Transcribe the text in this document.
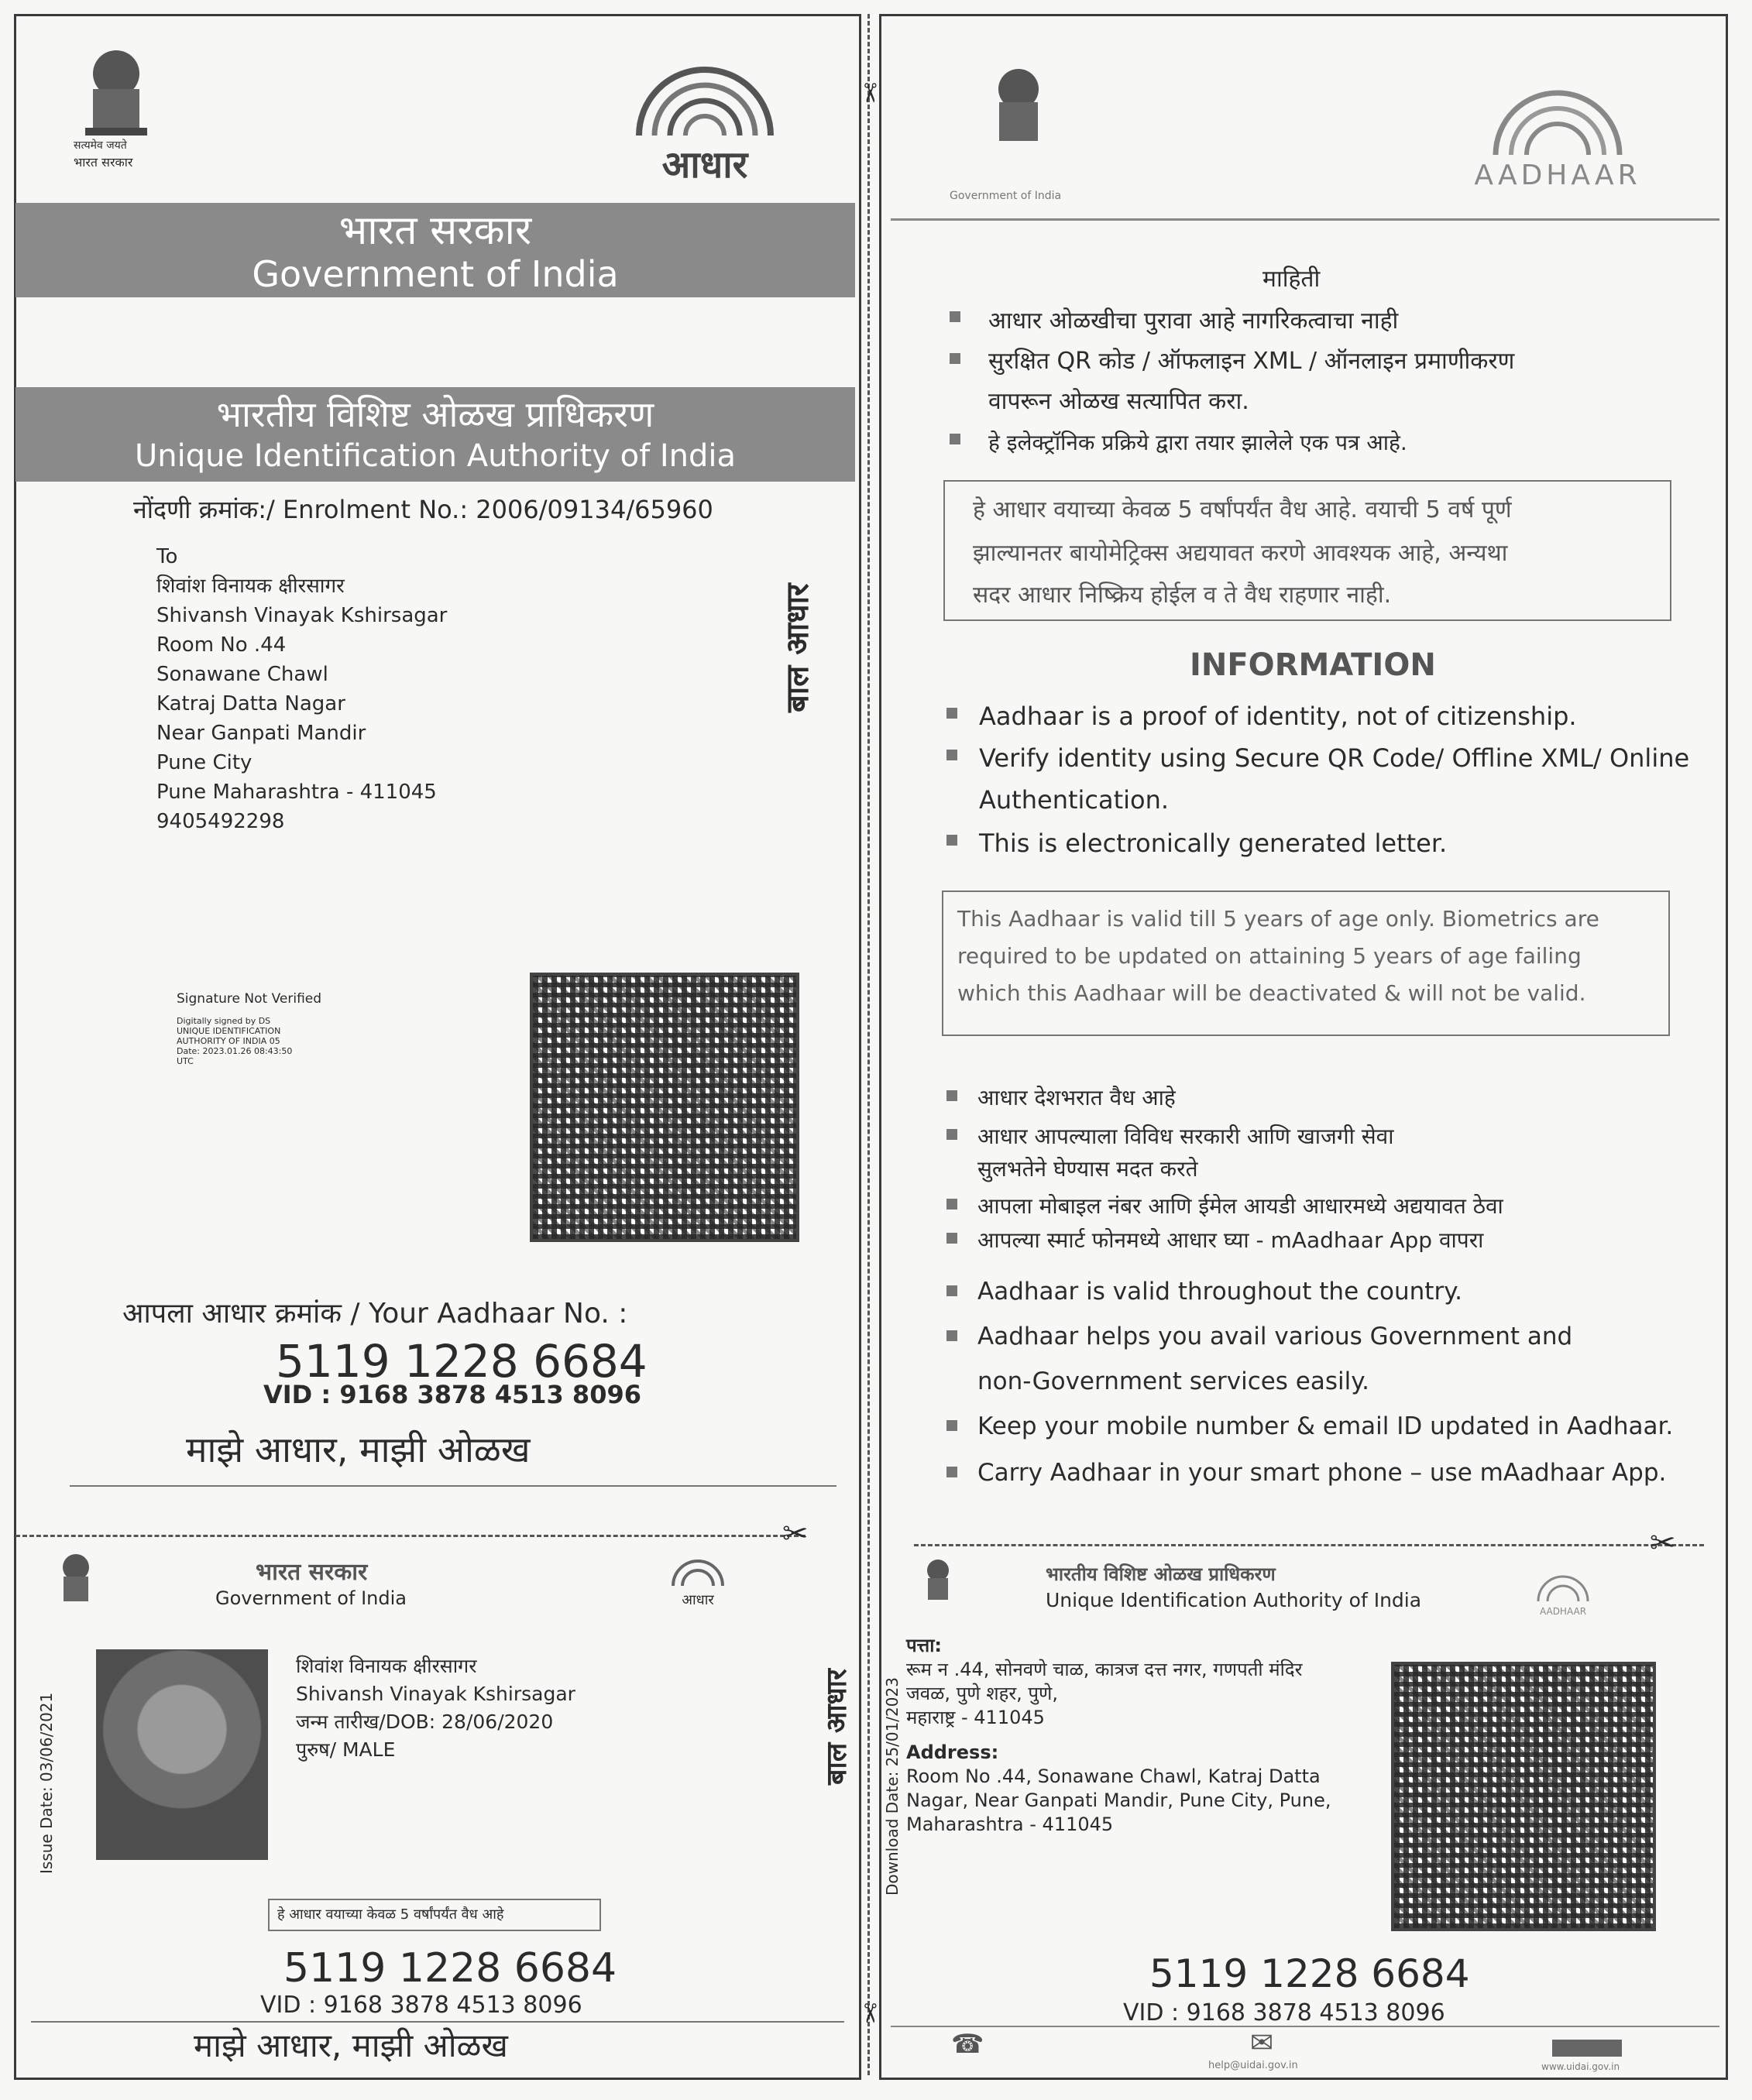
✂
✂
सत्यमेव जयते
भारत सरकार	आधार
भारत सरकार
Government of India
भारतीय विशिष्ट ओळख प्राधिकरण
Unique Identification Authority of India
नोंदणी क्रमांक:/ Enrolment No.: 2006/09134/65960
To
शिवांश विनायक क्षीरसागर
Shivansh Vinayak Kshirsagar
Room No .44
Sonawane Chawl
Katraj Datta Nagar
Near Ganpati Mandir
Pune City
Pune Maharashtra - 411045
9405492298
बाल आधार
Signature Not Verified
Digitally signed by DS
UNIQUE IDENTIFICATION
AUTHORITY OF INDIA 05
Date: 2023.01.26 08:43:50
UTC
आपला आधार क्रमांक / Your Aadhaar No. :
5119 1228 6684
VID : 9168 3878 4513 8096
माझे आधार, माझी ओळख
✂
भारत सरकार
Government of India	आधार
Issue Date: 03/06/2021
शिवांश विनायक क्षीरसागर
Shivansh Vinayak Kshirsagar
जन्म तारीख/DOB: 28/06/2020
पुरुष/ MALE	बाल आधार
हे आधार वयाच्या केवळ 5 वर्षांपर्यंत वैध आहे
5119 1228 6684
VID : 9168 3878 4513 8096
माझे आधार, माझी ओळख
Government of India
AADHAAR
माहिती
आधार ओळखीचा पुरावा आहे नागरिकत्वाचा नाही
सुरक्षित QR कोड / ऑफलाइन XML / ऑनलाइन प्रमाणीकरण
वापरून ओळख सत्यापित करा.
हे इलेक्ट्रॉनिक प्रक्रिये द्वारा तयार झालेले एक पत्र आहे.
हे आधार वयाच्या केवळ 5 वर्षांपर्यंत वैध आहे. वयाची 5 वर्ष पूर्ण
झाल्यानतर बायोमेट्रिक्स अद्ययावत करणे आवश्यक आहे, अन्यथा
सदर आधार निष्क्रिय होईल व ते वैध राहणार नाही.
INFORMATION
Aadhaar is a proof of identity, not of citizenship.
Verify identity using Secure QR Code/ Offline XML/ Online
Authentication.
This is electronically generated letter.
This Aadhaar is valid till 5 years of age only. Biometrics are
required to be updated on attaining 5 years of age failing
which this Aadhaar will be deactivated & will not be valid.
आधार देशभरात वैध आहे
आधार आपल्याला विविध सरकारी आणि खाजगी सेवा
सुलभतेने घेण्यास मदत करते
आपला मोबाइल नंबर आणि ईमेल आयडी आधारमध्ये अद्ययावत ठेवा
आपल्या स्मार्ट फोनमध्ये आधार घ्या - mAadhaar App वापरा
Aadhaar is valid throughout the country.
Aadhaar helps you avail various Government and
non-Government services easily.
Keep your mobile number & email ID updated in Aadhaar.
Carry Aadhaar in your smart phone – use mAadhaar App.
✂
भारतीय विशिष्ट ओळख प्राधिकरण
Unique Identification Authority of India	AADHAAR
Download Date: 25/01/2023
पत्ता:
रूम न .44, सोनवणे चाळ, कात्रज दत्त नगर, गणपती मंदिर
जवळ, पुणे शहर, पुणे,
महाराष्ट्र - 411045
Address:
Room No .44, Sonawane Chawl, Katraj Datta
Nagar, Near Ganpati Mandir, Pune City, Pune,
Maharashtra - 411045
5119 1228 6684
VID : 9168 3878 4513 8096
☎	✉
help@uidai.gov.in	www.uidai.gov.in
